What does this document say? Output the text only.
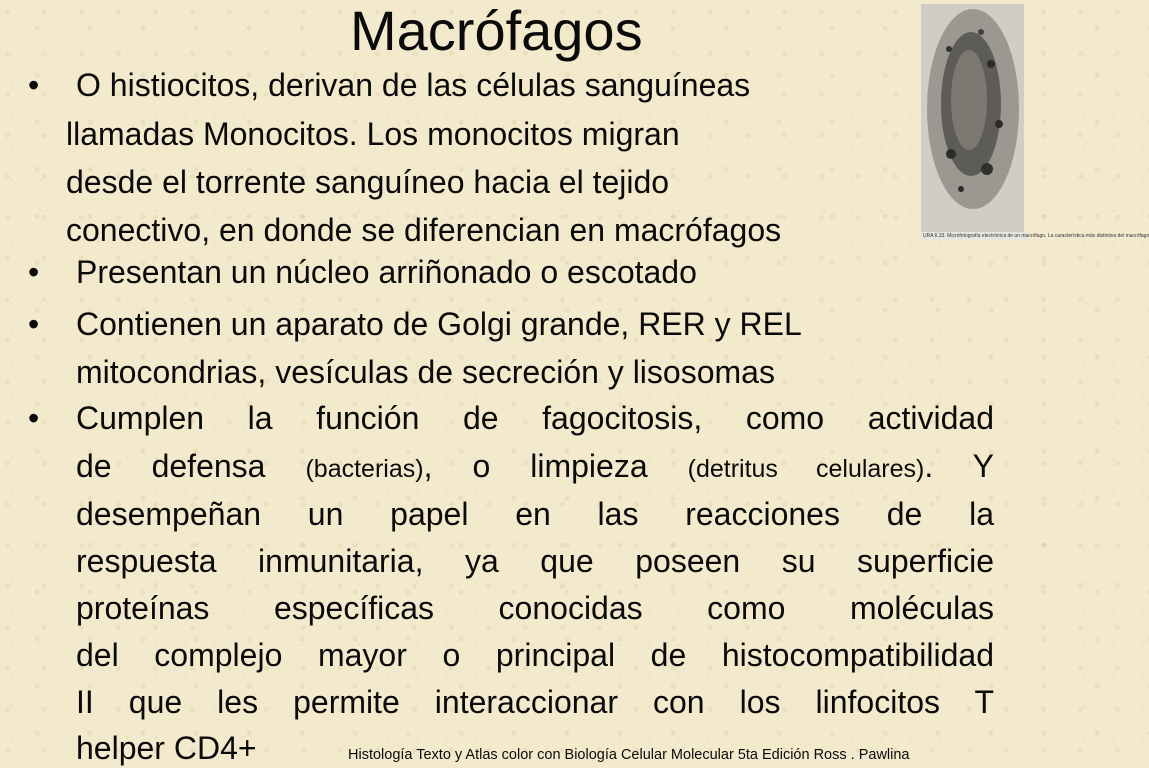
Macrófagos
URA 6.33. Microfotografía electrónica de un macrófago. La característica más distintiva del macrófago
• O histiocitos, derivan de las células sanguíneas
llamadas Monocitos. Los monocitos migran
desde el torrente sanguíneo hacia el tejido
conectivo, en donde se diferencian en macrófagos
• Presentan un núcleo arriñonado o escotado
• Contienen un aparato de Golgi grande, RER y REL
mitocondrias, vesículas de secreción y lisosomas
• Cumplen la función de fagocitosis, como actividad
de defensa (bacterias), o limpieza (detritus celulares). Y
desempeñan un papel en las reacciones de la
respuesta inmunitaria, ya que poseen su superficie
proteínas específicas conocidas como moléculas
del complejo mayor o principal de histocompatibilidad
II que les permite interaccionar con los linfocitos T
helper CD4+	Histología Texto y Atlas color con Biología Celular Molecular 5ta Edición Ross . Pawlina
